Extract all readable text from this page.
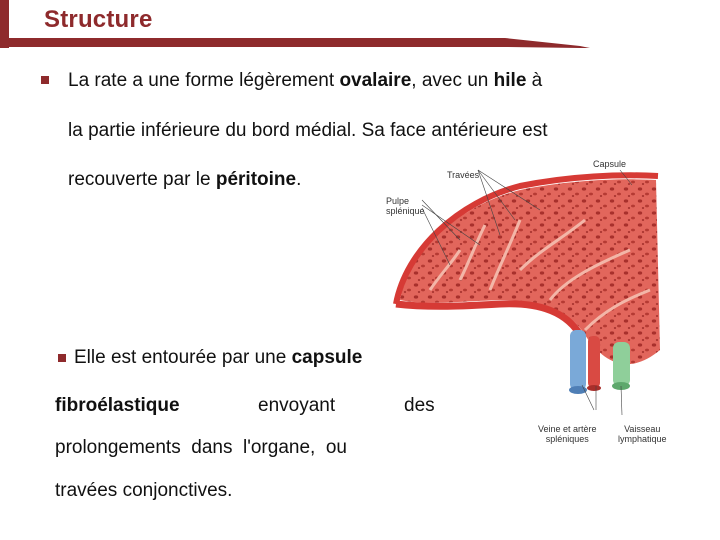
Structure
La rate a une forme légèrement ovalaire, avec un hile à
la partie inférieure du bord médial. Sa face antérieure est
recouverte par le péritoine.	Travées
Capsule
Pulpe
splénique
Veine et artère
spléniques
Vaisseau
lymphatique
Elle est entourée par une capsule
fibroélastique	envoyant	des
prolongements  dans  l'organe,  ou
travées conjonctives.
